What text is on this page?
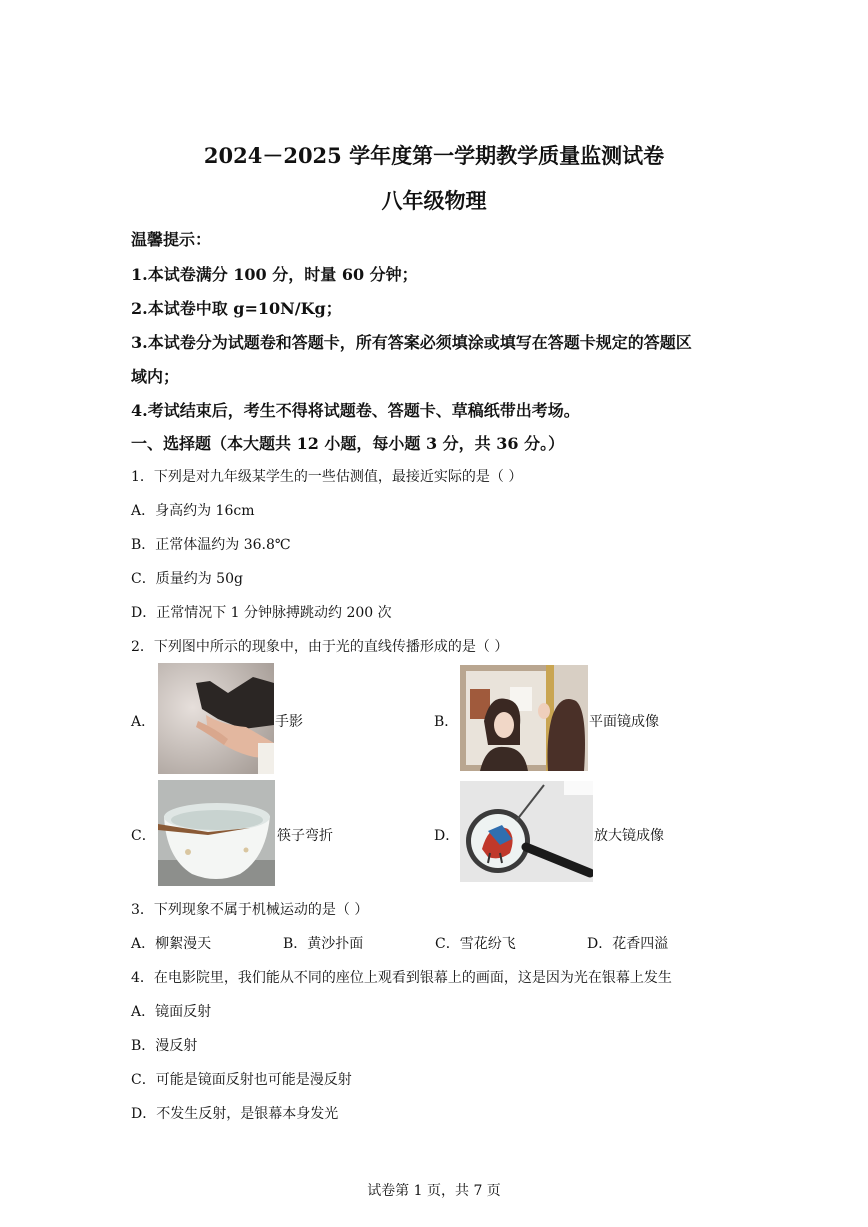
2024－2025 学年度第一学期教学质量监测试卷
八年级物理
温馨提示：
1.本试卷满分 100 分，时量 60 分钟；
2.本试卷中取 g=10N/Kg；
3.本试卷分为试题卷和答题卡，所有答案必须填涂或填写在答题卡规定的答题区
域内；
4.考试结束后，考生不得将试题卷、答题卡、草稿纸带出考场。
一、选择题（本大题共 12 小题，每小题 3 分，共 36 分。）
1．下列是对九年级某学生的一些估测值，最接近实际的是（ ）
A．身高约为 16cm
B．正常体温约为 36.8℃
C．质量约为 50g
D．正常情况下 1 分钟脉搏跳动约 200 次
2．下列图中所示的现象中，由于光的直线传播形成的是（ ）
A．	手影	B．	平面镜成像
C．	筷子弯折	D．	放大镜成像
3．下列现象不属于机械运动的是（ ）
A．柳絮漫天	B．黄沙扑面	C．雪花纷飞	D．花香四溢
4．在电影院里，我们能从不同的座位上观看到银幕上的画面，这是因为光在银幕上发生
A．镜面反射
B．漫反射
C．可能是镜面反射也可能是漫反射
D．不发生反射，是银幕本身发光
试卷第 1 页，共 7 页
